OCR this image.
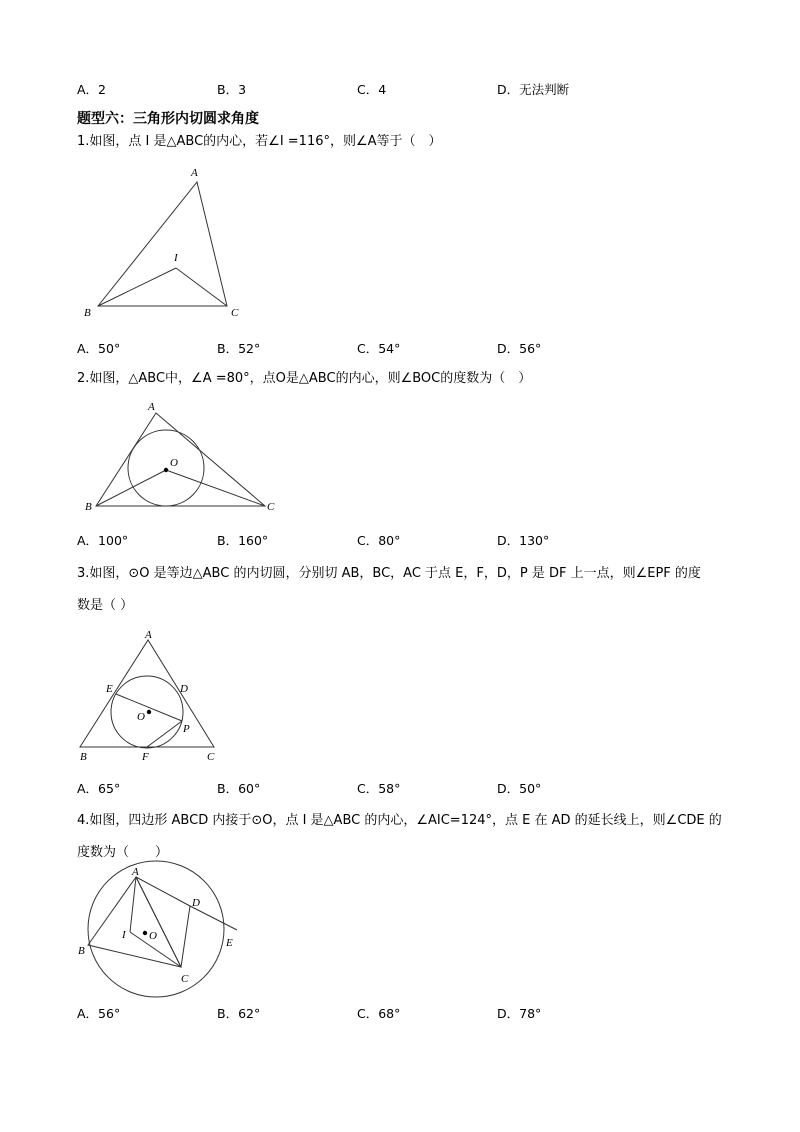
A．2	B．3	C．4	D．无法判断
题型六：三角形内切圆求角度
1.如图，点 I 是△ABC的内心，若∠I =116°，则∠A等于（　）
A
I
B	C
A．50°	B．52°	C．54°	D．56°
2.如图，△ABC中，∠A =80°，点O是△ABC的内心，则∠BOC的度数为（　）
A
O
B	C
A．100°	B．160°	C．80°	D．130°
3.如图，⊙O 是等边△ABC 的内切圆，分别切 AB，BC，AC 于点 E，F，D，P 是 DF 上一点，则∠EPF 的度
数是（ ）
A
E	D
O
P
B	F	C
A．65°	B．60°	C．58°	D．50°
4.如图，四边形 ABCD 内接于⊙O，点 I 是△ABC 的内心，∠AIC=124°，点 E 在 AD 的延长线上，则∠CDE 的
度数为（　　）
A
D
I O
E
B
C
A．56°	B．62°	C．68°	D．78°
